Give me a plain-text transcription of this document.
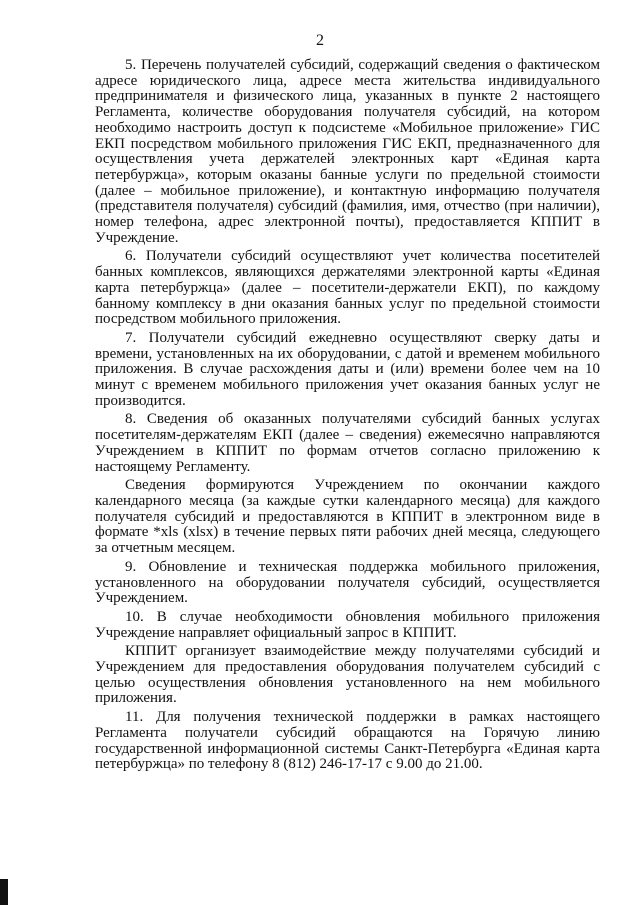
2

5. Перечень получателей субсидий, содержащий сведения о фактическом адресе юридического лица, адресе места жительства индивидуального предпринимателя и физического лица, указанных в пункте 2 настоящего Регламента, количестве оборудования получателя субсидий, на котором необходимо настроить доступ к подсистеме «Мобильное приложение» ГИС ЕКП посредством мобильного приложения ГИС ЕКП, предназначенного для осуществления учета держателей электронных карт «Единая карта петербуржца», которым оказаны банные услуги по предельной стоимости (далее – мобильное приложение), и контактную информацию получателя (представителя получателя) субсидий (фамилия, имя, отчество (при наличии), номер телефона, адрес электронной почты), предоставляется КППИТ в Учреждение.

6. Получатели субсидий осуществляют учет количества посетителей банных комплексов, являющихся держателями электронной карты «Единая карта петербуржца» (далее – посетители-держатели ЕКП), по каждому банному комплексу в дни оказания банных услуг по предельной стоимости посредством мобильного приложения.

7. Получатели субсидий ежедневно осуществляют сверку даты и времени, установленных на их оборудовании, с датой и временем мобильного приложения. В случае расхождения даты и (или) времени более чем на 10 минут с временем мобильного приложения учет оказания банных услуг не производится.

8. Сведения об оказанных получателями субсидий банных услугах посетителям-держателям ЕКП (далее – сведения) ежемесячно направляются Учреждением в КППИТ по формам отчетов согласно приложению к настоящему Регламенту.

Сведения формируются Учреждением по окончании каждого календарного месяца (за каждые сутки календарного месяца) для каждого получателя субсидий и предоставляются в КППИТ в электронном виде в формате *xls (xlsx) в течение первых пяти рабочих дней месяца, следующего за отчетным месяцем.

9. Обновление и техническая поддержка мобильного приложения, установленного на оборудовании получателя субсидий, осуществляется Учреждением.

10. В случае необходимости обновления мобильного приложения Учреждение направляет официальный запрос в КППИТ.

КППИТ организует взаимодействие между получателями субсидий и Учреждением для предоставления оборудования получателем субсидий с целью осуществления обновления установленного на нем мобильного приложения.

11. Для получения технической поддержки в рамках настоящего Регламента получатели субсидий обращаются на Горячую линию государственной информационной системы Санкт-Петербурга «Единая карта петербуржца» по телефону 8 (812) 246-17-17 с 9.00 до 21.00.
